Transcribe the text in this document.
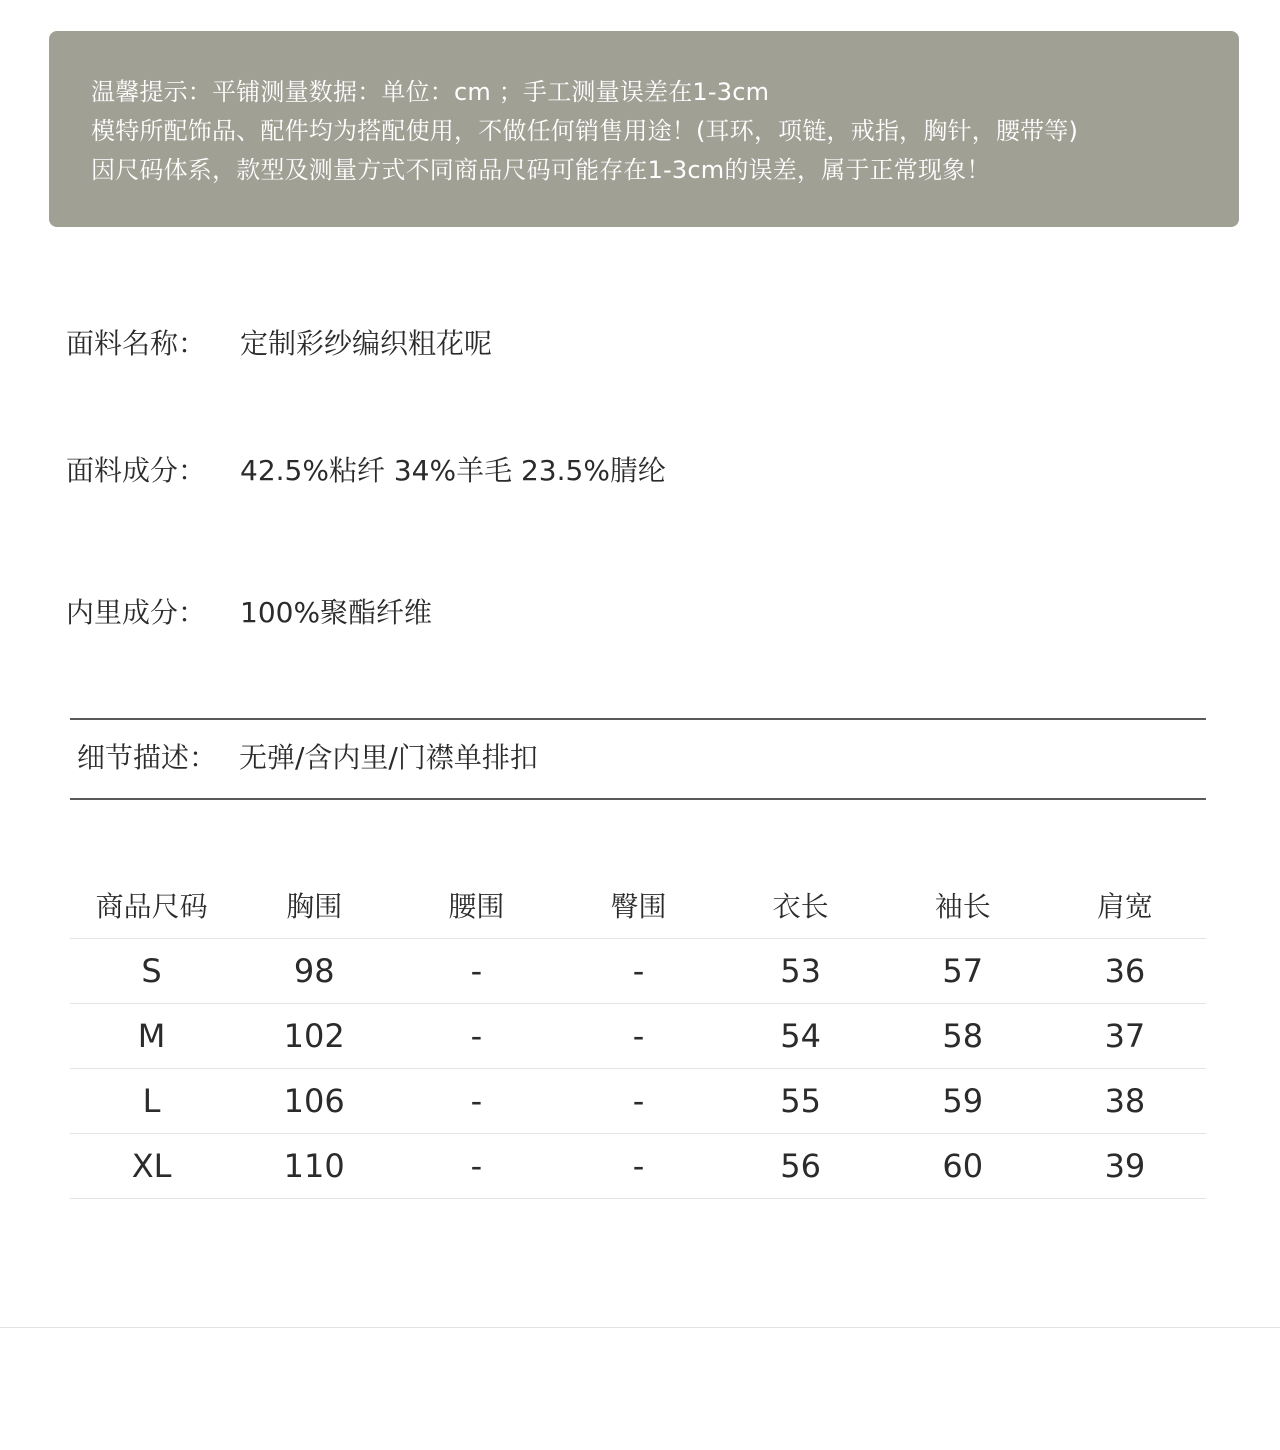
温馨提示：平铺测量数据：单位：cm ；手工测量误差在1-3cm
模特所配饰品、配件均为搭配使用，不做任何销售用途！(耳环，项链，戒指，胸针，腰带等)
因尺码体系，款型及测量方式不同商品尺码可能存在1-3cm的误差，属于正常现象！
面料名称： 定制彩纱编织粗花呢
面料成分： 42.5%粘纤 34%羊毛 23.5%腈纶
内里成分： 100%聚酯纤维
细节描述： 无弹/含内里/门襟单排扣
商品尺码	胸围	腰围	臀围	衣长	袖长	肩宽
S	98	-	-	53	57	36
M	102	-	-	54	58	37
L	106	-	-	55	59	38
XL	110	-	-	56	60	39
